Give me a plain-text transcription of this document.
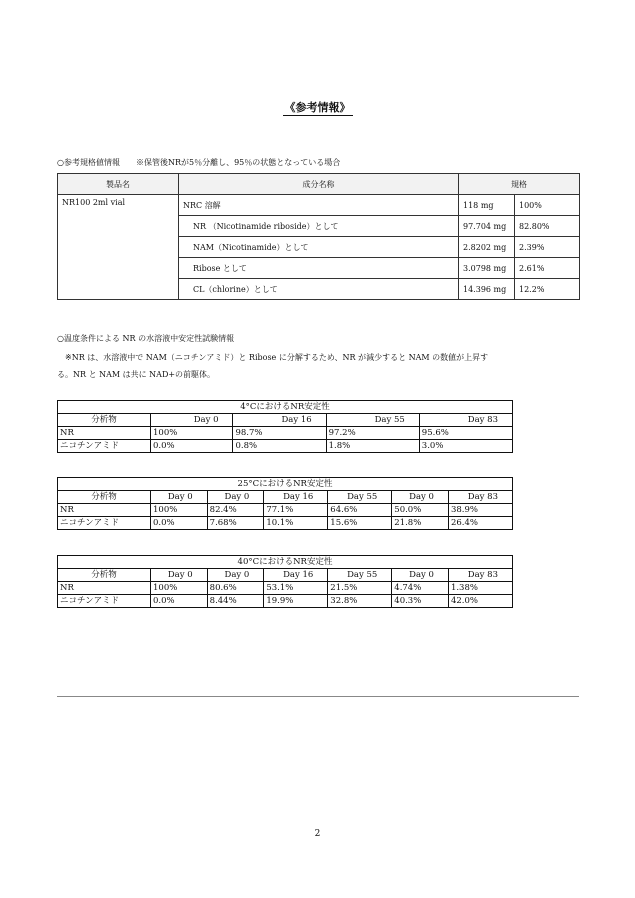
《参考情報》
○参考規格値情報　　※保管後NRが5％分離し、95％の状態となっている場合
製品名	成分名称	規格	
NR100 2ml vial	NRC 溶解	118 mg	100%
	NR （Nicotinamide riboside）として	97.704 mg	82.80%
	NAM（Nicotinamide）として	2.8202 mg	2.39%
	Ribose として	3.0798 mg	2.61%
	CL（chlorine）として	14.396 mg	12.2%
○温度条件による NR の水溶液中安定性試験情報
※NR は、水溶液中で NAM（ニコチンアミド）と Ribose に分解するため、NR が減少すると NAM の数値が上昇す
る。NR と NAM は共に NAD+の前駆体。
4°CにおけるNR安定性				
分析物	Day 0	Day 16	Day 55	Day 83
NR	100%	98.7%	97.2%	95.6%
ニコチンアミド	0.0%	0.8%	1.8%	3.0%
25°CにおけるNR安定性						
分析物	Day 0	Day 0	Day 16	Day 55	Day 0	Day 83
NR	100%	82.4%	77.1%	64.6%	50.0%	38.9%
ニコチンアミド	0.0%	7.68%	10.1%	15.6%	21.8%	26.4%
40°CにおけるNR安定性						
分析物	Day 0	Day 0	Day 16	Day 55	Day 0	Day 83
NR	100%	80.6%	53.1%	21.5%	4.74%	1.38%
ニコチンアミド	0.0%	8.44%	19.9%	32.8%	40.3%	42.0%
2
